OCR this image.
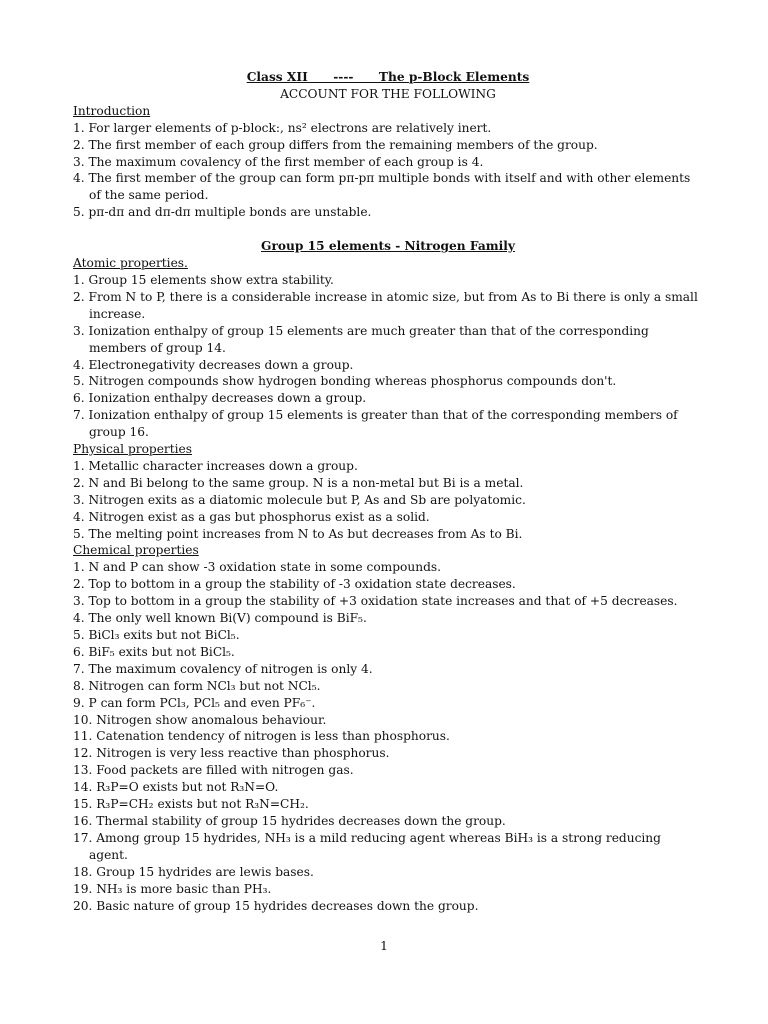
Class XII      ----      The p-Block Elements
ACCOUNT FOR THE FOLLOWING
Introduction
1. For larger elements of p-block:, ns² electrons are relatively inert.
2. The first member of each group differs from the remaining members of the group.
3. The maximum covalency of the first member of each group is 4.
4. The first member of the group can form pπ-pπ multiple bonds with itself and with other elements of the same period.
5. pπ-dπ and dπ-dπ multiple bonds are unstable.
Group 15 elements - Nitrogen Family
Atomic properties.
1. Group 15 elements show extra stability.
2. From N to P, there is a considerable increase in atomic size, but from As to Bi there is only a small increase.
3. Ionization enthalpy of group 15 elements are much greater than that of the corresponding members of group 14.
4. Electronegativity decreases down a group.
5. Nitrogen compounds show hydrogen bonding whereas phosphorus compounds don't.
6. Ionization enthalpy decreases down a group.
7. Ionization enthalpy of group 15 elements is greater than that of the corresponding members of group 16.
Physical properties
1. Metallic character increases down a group.
2. N and Bi belong to the same group. N is a non-metal but Bi is a metal.
3. Nitrogen exits as a diatomic molecule but P, As and Sb are polyatomic.
4. Nitrogen exist as a gas but phosphorus exist as a solid.
5. The melting point increases from N to As but decreases from As to Bi.
Chemical properties
1. N and P can show -3 oxidation state in some compounds.
2. Top to bottom in a group the stability of -3 oxidation state decreases.
3. Top to bottom in a group the stability of +3 oxidation state increases and that of +5 decreases.
4. The only well known Bi(V) compound is BiF₅.
5. BiCl₃ exits but not BiCl₅.
6. BiF₅ exits but not BiCl₅.
7. The maximum covalency of nitrogen is only 4.
8. Nitrogen can form NCl₃ but not NCl₅.
9. P can form PCl₃, PCl₅ and even PF₆⁻.
10. Nitrogen show anomalous behaviour.
11. Catenation tendency of nitrogen is less than phosphorus.
12. Nitrogen is very less reactive than phosphorus.
13. Food packets are filled with nitrogen gas.
14. R₃P=O exists but not R₃N=O.
15. R₃P=CH₂ exists but not R₃N=CH₂.
16. Thermal stability of group 15 hydrides decreases down the group.
17. Among group 15 hydrides, NH₃ is a mild reducing agent whereas BiH₃ is a strong reducing agent.
18. Group 15 hydrides are lewis bases.
19. NH₃ is more basic than PH₃.
20. Basic nature of group 15 hydrides decreases down the group.
1
